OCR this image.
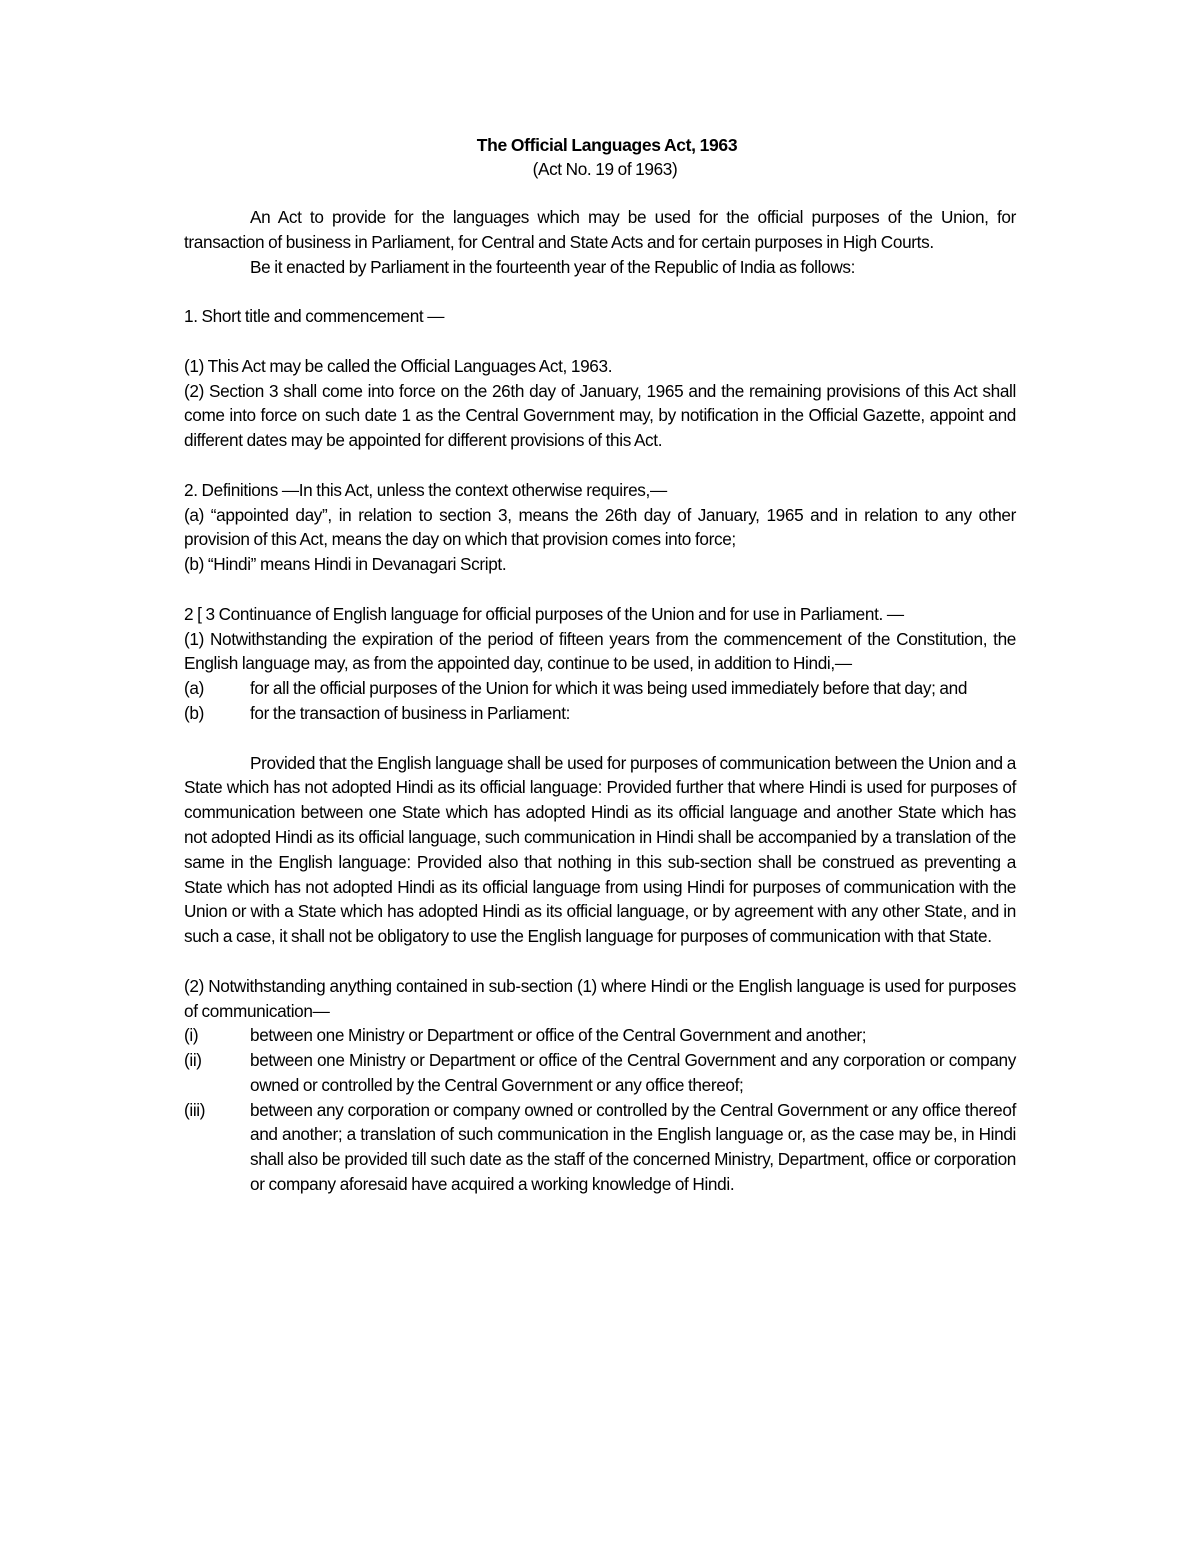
The Official Languages Act, 1963
(Act No. 19 of 1963)

An Act to provide for the languages which may be used for the official purposes of the Union, for transaction of business in Parliament, for Central and State Acts and for certain purposes in High Courts.

Be it enacted by Parliament in the fourteenth year of the Republic of India as follows:

1. Short title and commencement —

(1) This Act may be called the Official Languages Act, 1963.

(2) Section 3 shall come into force on the 26th day of January, 1965 and the remaining provisions of this Act shall come into force on such date 1 as the Central Government may, by notification in the Official Gazette, appoint and different dates may be appointed for different provisions of this Act.

2. Definitions —In this Act, unless the context otherwise requires,—

(a) “appointed day”, in relation to section 3, means the 26th day of January, 1965 and in relation to any other provision of this Act, means the day on which that provision comes into force;

(b) “Hindi” means Hindi in Devanagari Script.

2 [ 3 Continuance of English language for official purposes of the Union and for use in Parliament. —

(1) Notwithstanding the expiration of the period of fifteen years from the commencement of the Constitution, the English language may, as from the appointed day, continue to be used, in addition to Hindi,—

(a)	for all the official purposes of the Union for which it was being used immediately before that day; and
(b)	for the transaction of business in Parliament:

Provided that the English language shall be used for purposes of communication between the Union and a State which has not adopted Hindi as its official language: Provided further that where Hindi is used for purposes of communication between one State which has adopted Hindi as its official language and another State which has not adopted Hindi as its official language, such communication in Hindi shall be accompanied by a translation of the same in the English language: Provided also that nothing in this sub-section shall be construed as preventing a State which has not adopted Hindi as its official language from using Hindi for purposes of communication with the Union or with a State which has adopted Hindi as its official language, or by agreement with any other State, and in such a case, it shall not be obligatory to use the English language for purposes of communication with that State.

(2) Notwithstanding anything contained in sub-section (1) where Hindi or the English language is used for purposes of communication—

(i)	between one Ministry or Department or office of the Central Government and another;
(ii)	between one Ministry or Department or office of the Central Government and any corporation or company owned or controlled by the Central Government or any office thereof;
(iii)	between any corporation or company owned or controlled by the Central Government or any office thereof and another; a translation of such communication in the English language or, as the case may be, in Hindi shall also be provided till such date as the staff of the concerned Ministry, Department, office or corporation or company aforesaid have acquired a working knowledge of Hindi.
